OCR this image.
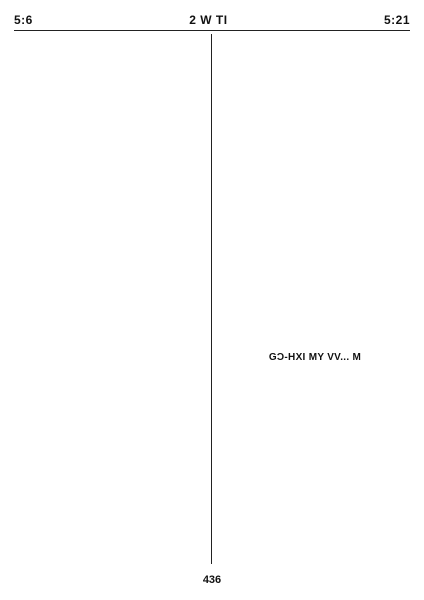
5:6	2 W TI	5:21
GƆ-HXI MY VV... M
436
